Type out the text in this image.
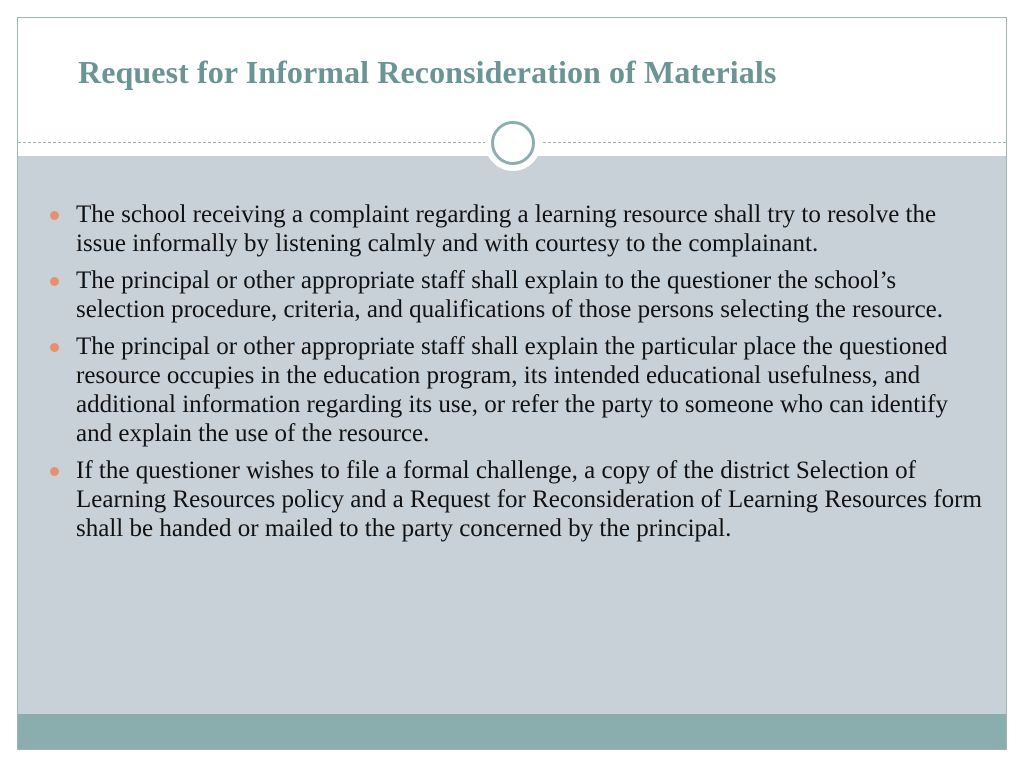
Request for Informal Reconsideration of Materials
The school receiving a complaint regarding a learning resource shall try to resolve the issue informally by listening calmly and with courtesy to the complainant.
The principal or other appropriate staff shall explain to the questioner the school’s selection procedure, criteria, and qualifications of those persons selecting the resource.
The principal or other appropriate staff shall explain the particular place the questioned resource occupies in the education program, its intended educational usefulness, and additional information regarding its use, or refer the party to someone who can identify and explain the use of the resource.
If the questioner wishes to file a formal challenge, a copy of the district Selection of Learning Resources policy and a Request for Reconsideration of Learning Resources form shall be handed or mailed to the party concerned by the principal.
